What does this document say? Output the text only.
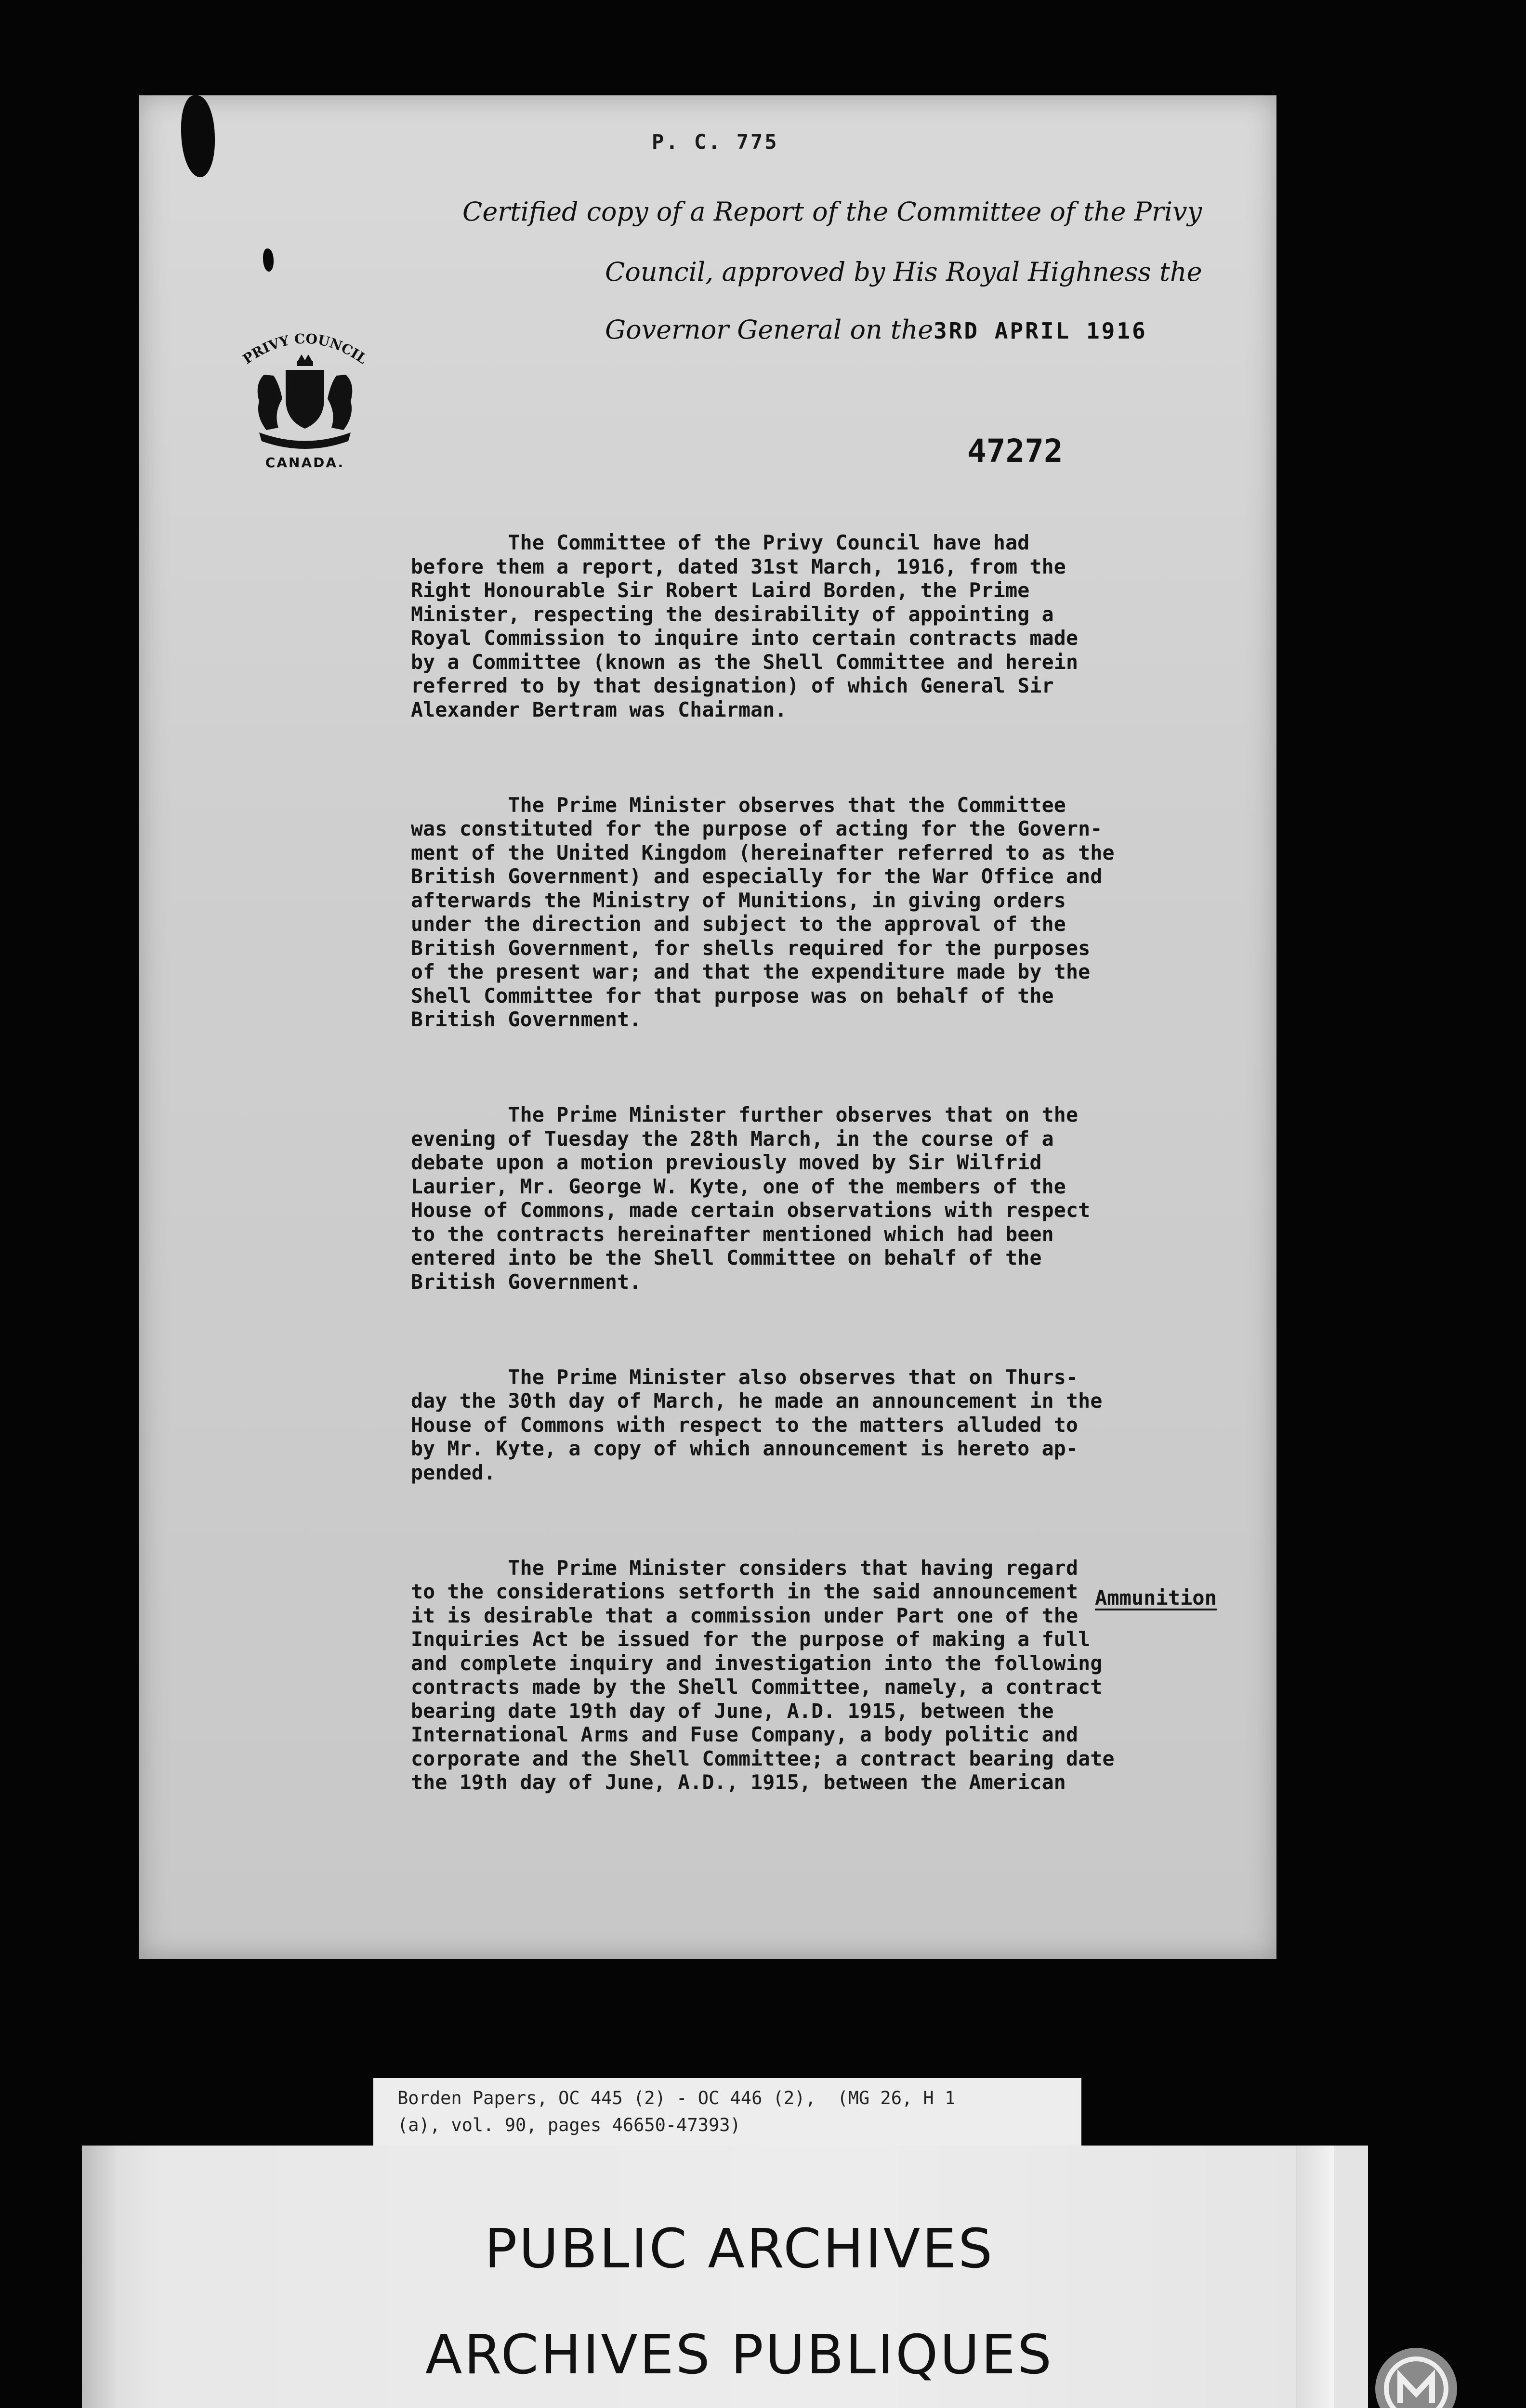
P. C. 775
Certified copy of a Report of the Committee of the Privy
Council, approved by His Royal Highness the
Governor General on the 3RD APRIL 1916
PRIVY COUNCIL
CANADA.	47272

The Committee of the Privy Council have had
before them a report, dated 31st March, 1916, from the
Right Honourable Sir Robert Laird Borden, the Prime
Minister, respecting the desirability of appointing a
Royal Commission to inquire into certain contracts made
by a Committee (known as the Shell Committee and herein
referred to by that designation) of which General Sir
Alexander Bertram was Chairman.

The Prime Minister observes that the Committee
was constituted for the purpose of acting for the Govern-
ment of the United Kingdom (hereinafter referred to as the
British Government) and especially for the War Office and
afterwards the Ministry of Munitions, in giving orders
under the direction and subject to the approval of the
British Government, for shells required for the purposes
of the present war; and that the expenditure made by the
Shell Committee for that purpose was on behalf of the
British Government.

The Prime Minister further observes that on the
evening of Tuesday the 28th March, in the course of a
debate upon a motion previously moved by Sir Wilfrid
Laurier, Mr. George W. Kyte, one of the members of the
House of Commons, made certain observations with respect
to the contracts hereinafter mentioned which had been
entered into be the Shell Committee on behalf of the
British Government.

The Prime Minister also observes that on Thurs-
day the 30th day of March, he made an announcement in the
House of Commons with respect to the matters alluded to
by Mr. Kyte, a copy of which announcement is hereto ap-
pended.

The Prime Minister considers that having regard
to the considerations setforth in the said announcement
it is desirable that a commission under Part one of the
Inquiries Act be issued for the purpose of making a full
and complete inquiry and investigation into the following
contracts made by the Shell Committee, namely, a contract
bearing date 19th day of June, A.D. 1915, between the
International Arms and Fuse Company, a body politic and
corporate and the Shell Committee; a contract bearing date
the 19th day of June, A.D., 1915, between the American

Ammunition
Borden Papers, OC 445 (2) - OC 446 (2),  (MG 26, H 1
(a), vol. 90, pages 46650-47393)
PUBLIC ARCHIVES
ARCHIVES PUBLIQUES
